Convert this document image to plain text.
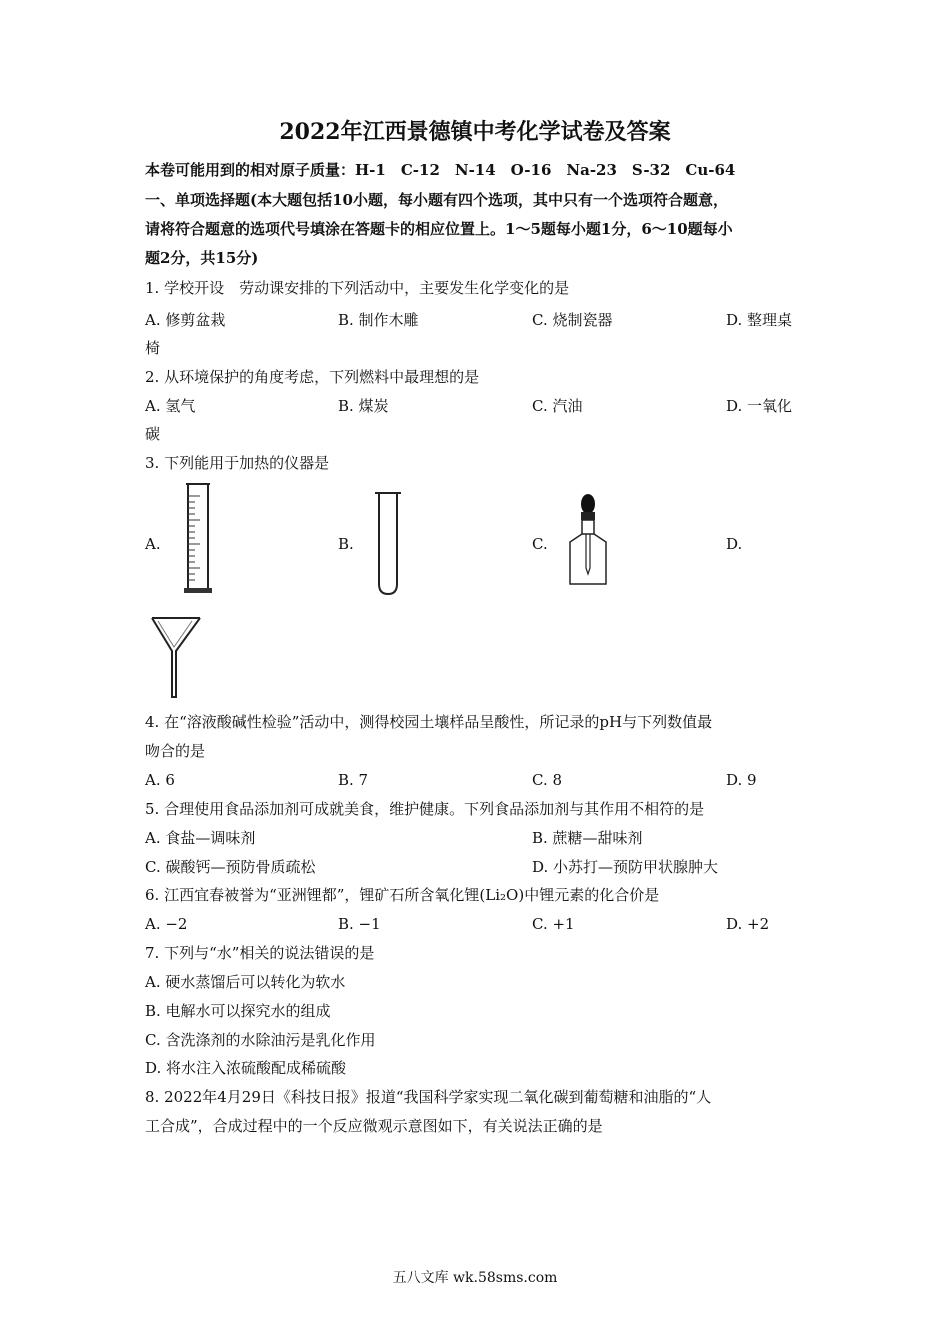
2022年江西景德镇中考化学试卷及答案
本卷可能用到的相对原子质量：H-1　C-12　N-14　O-16　Na-23　S-32　Cu-64
一、单项选择题(本大题包括10小题，每小题有四个选项，其中只有一个选项符合题意，
请将符合题意的选项代号填涂在答题卡的相应位置上。1～5题每小题1分，6～10题每小
题2分，共15分)
1. 学校开设　劳动课安排的下列活动中，主要发生化学变化的是
A. 修剪盆栽	B. 制作木雕	C. 烧制瓷器	D. 整理桌
椅
2. 从环境保护的角度考虑，下列燃料中最理想的是
A. 氢气	B. 煤炭	C. 汽油	D. 一氧化
碳
3. 下列能用于加热的仪器是
A.	B.	C.	D.
4. 在“溶液酸碱性检验”活动中，测得校园土壤样品呈酸性，所记录的pH与下列数值最
吻合的是
A. 6	B. 7	C. 8	D. 9
5. 合理使用食品添加剂可成就美食，维护健康。下列食品添加剂与其作用不相符的是
A. 食盐—调味剂	B. 蔗糖—甜味剂
C. 碳酸钙—预防骨质疏松	D. 小苏打—预防甲状腺肿大
6. 江西宜春被誉为“亚洲锂都”，锂矿石所含氧化锂(Li₂O)中锂元素的化合价是
A. −2	B. −1	C. +1	D. +2
7. 下列与“水”相关的说法错误的是
A. 硬水蒸馏后可以转化为软水
B. 电解水可以探究水的组成
C. 含洗涤剂的水除油污是乳化作用
D. 将水注入浓硫酸配成稀硫酸
8. 2022年4月29日《科技日报》报道“我国科学家实现二氧化碳到葡萄糖和油脂的“人
工合成”，合成过程中的一个反应微观示意图如下，有关说法正确的是
五八文库 wk.58sms.com
